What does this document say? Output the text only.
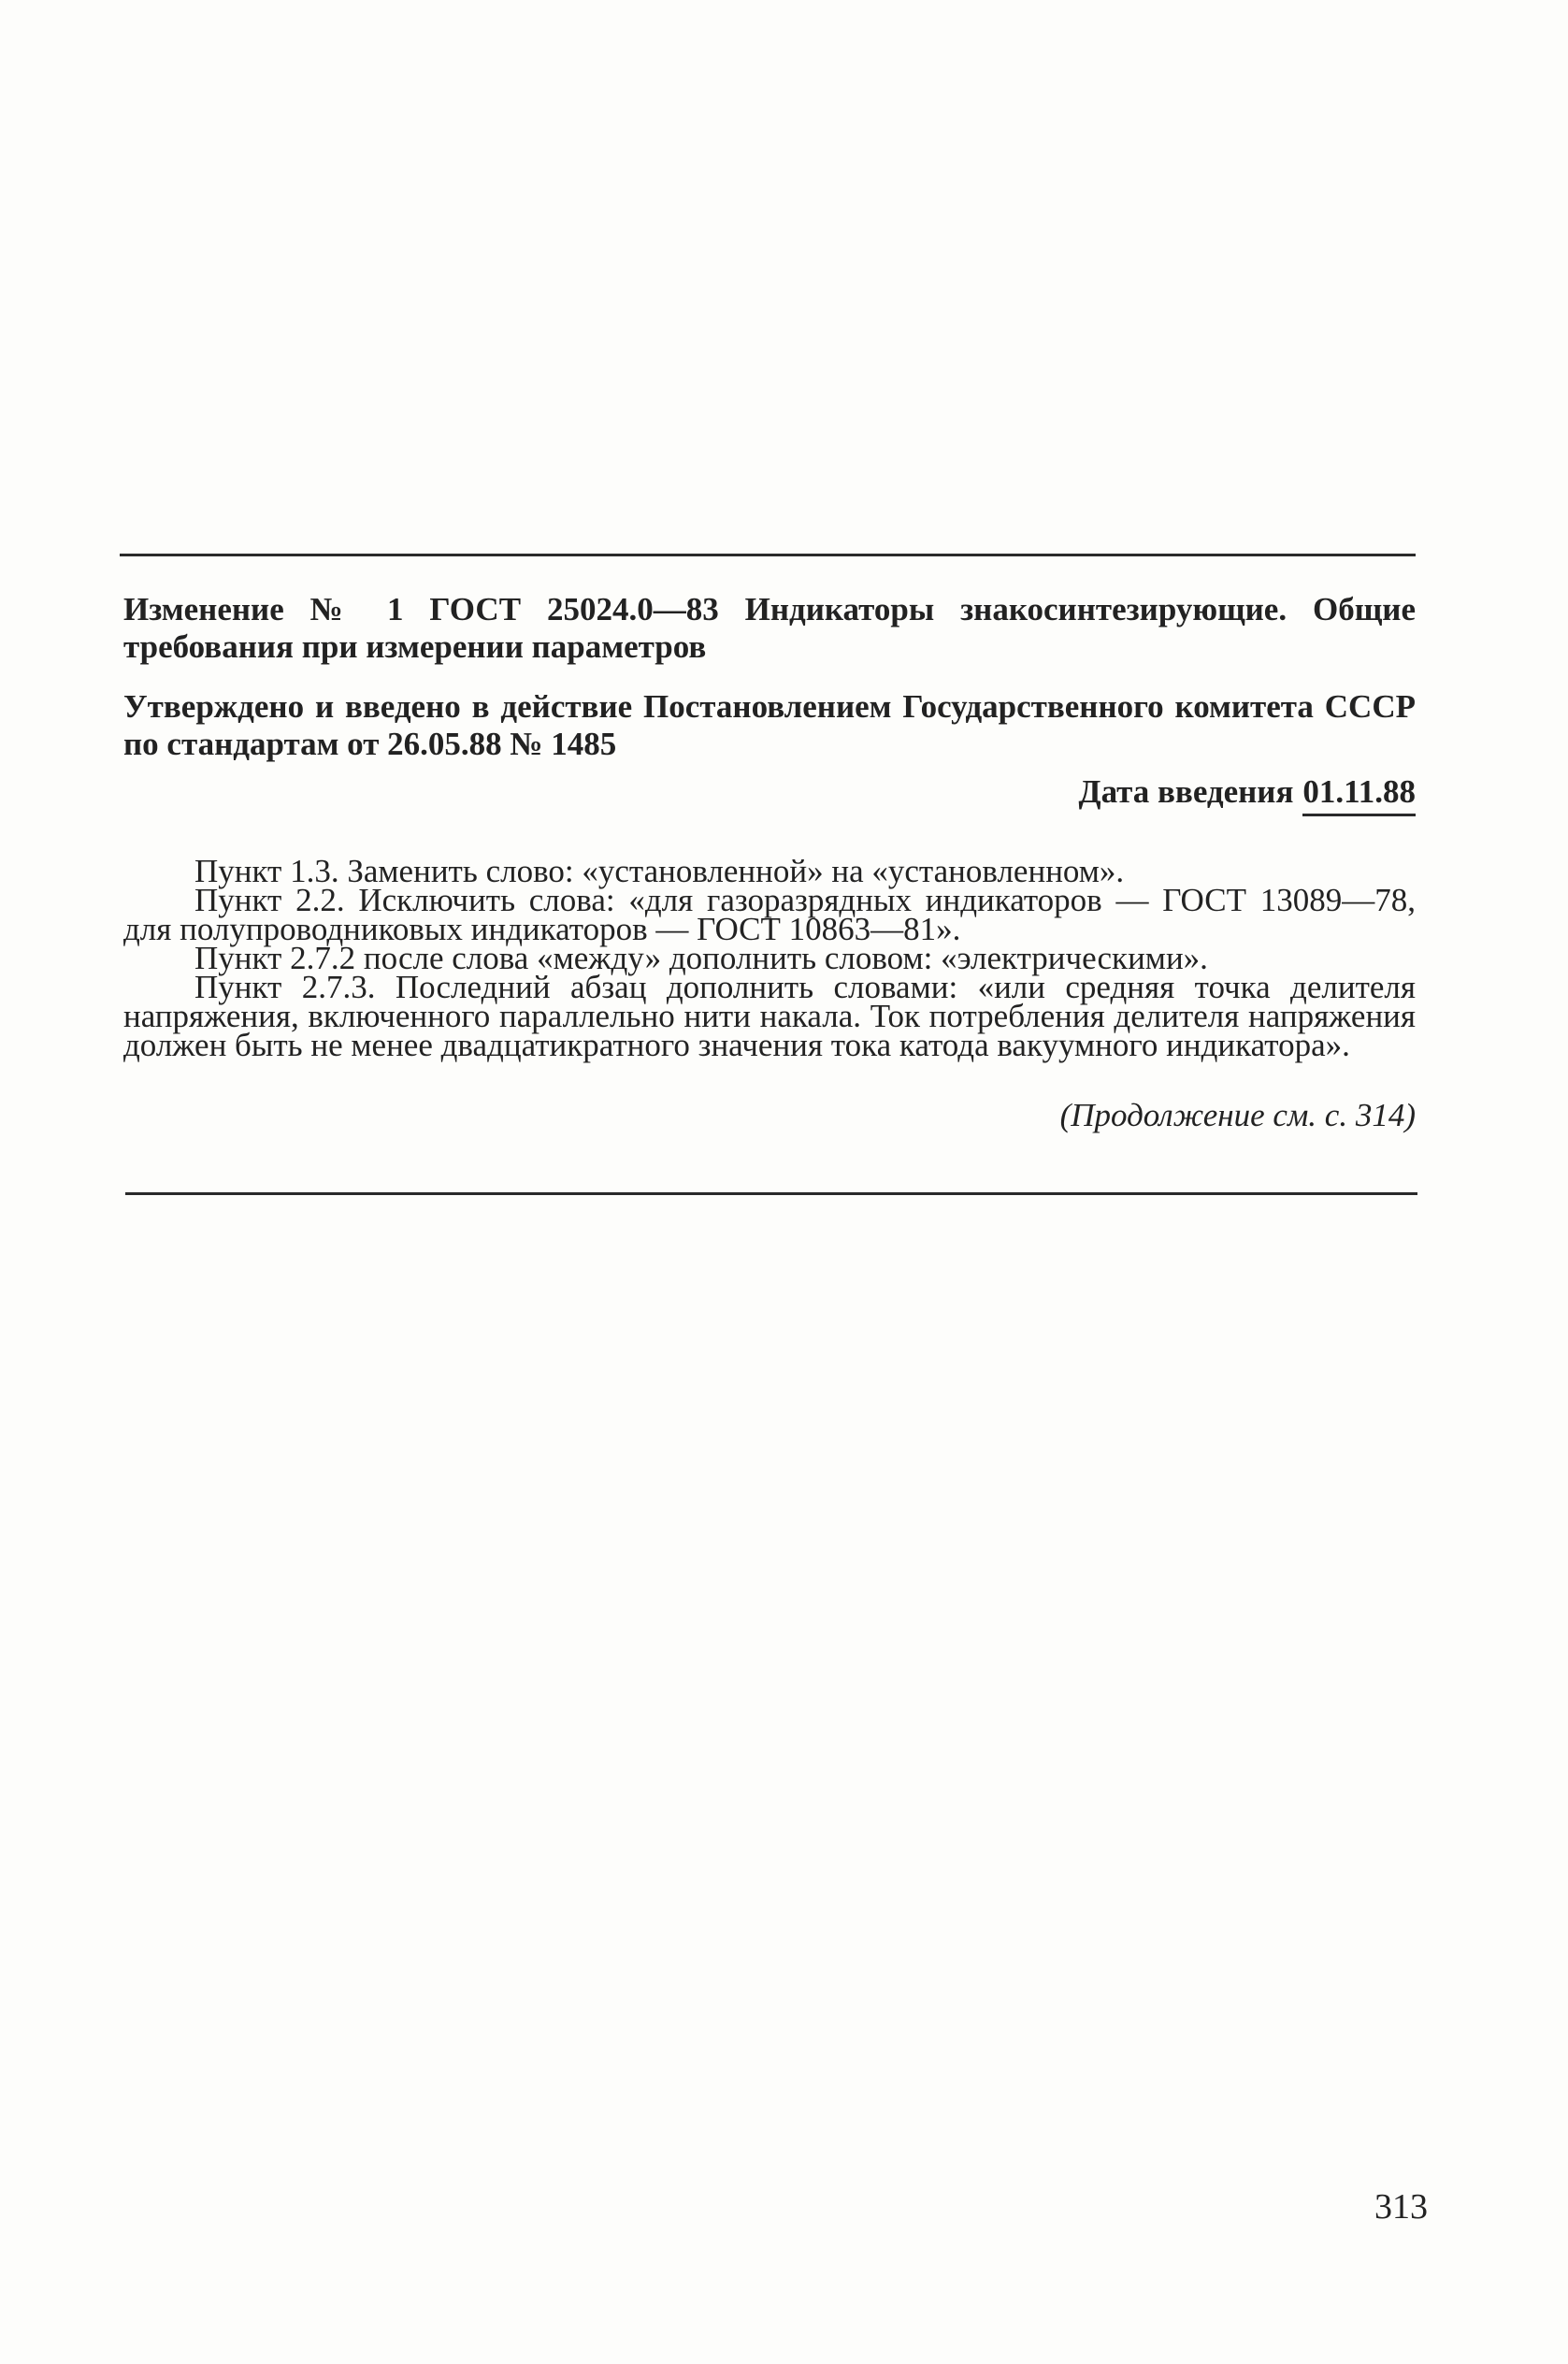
Изменение № 1 ГОСТ 25024.0—83 Индикаторы знакосинтезирующие. Общие требования при измерении параметров

Утверждено и введено в действие Постановлением Государственного комитета СССР по стандартам от 26.05.88 № 1485

Дата введения 01.11.88

Пункт 1.3. Заменить слово: «установленной» на «установленном».

Пункт 2.2. Исключить слова: «для газоразрядных индикаторов — ГОСТ 13089—78, для полупроводниковых индикаторов — ГОСТ 10863—81».

Пункт 2.7.2 после слова «между» дополнить словом: «электрическими».

Пункт 2.7.3. Последний абзац дополнить словами: «или средняя точка делителя напряжения, включенного параллельно нити накала. Ток потребления делителя напряжения должен быть не менее двадцатикратного значения тока катода вакуумного индикатора».

(Продолжение см. с. 314)

313
